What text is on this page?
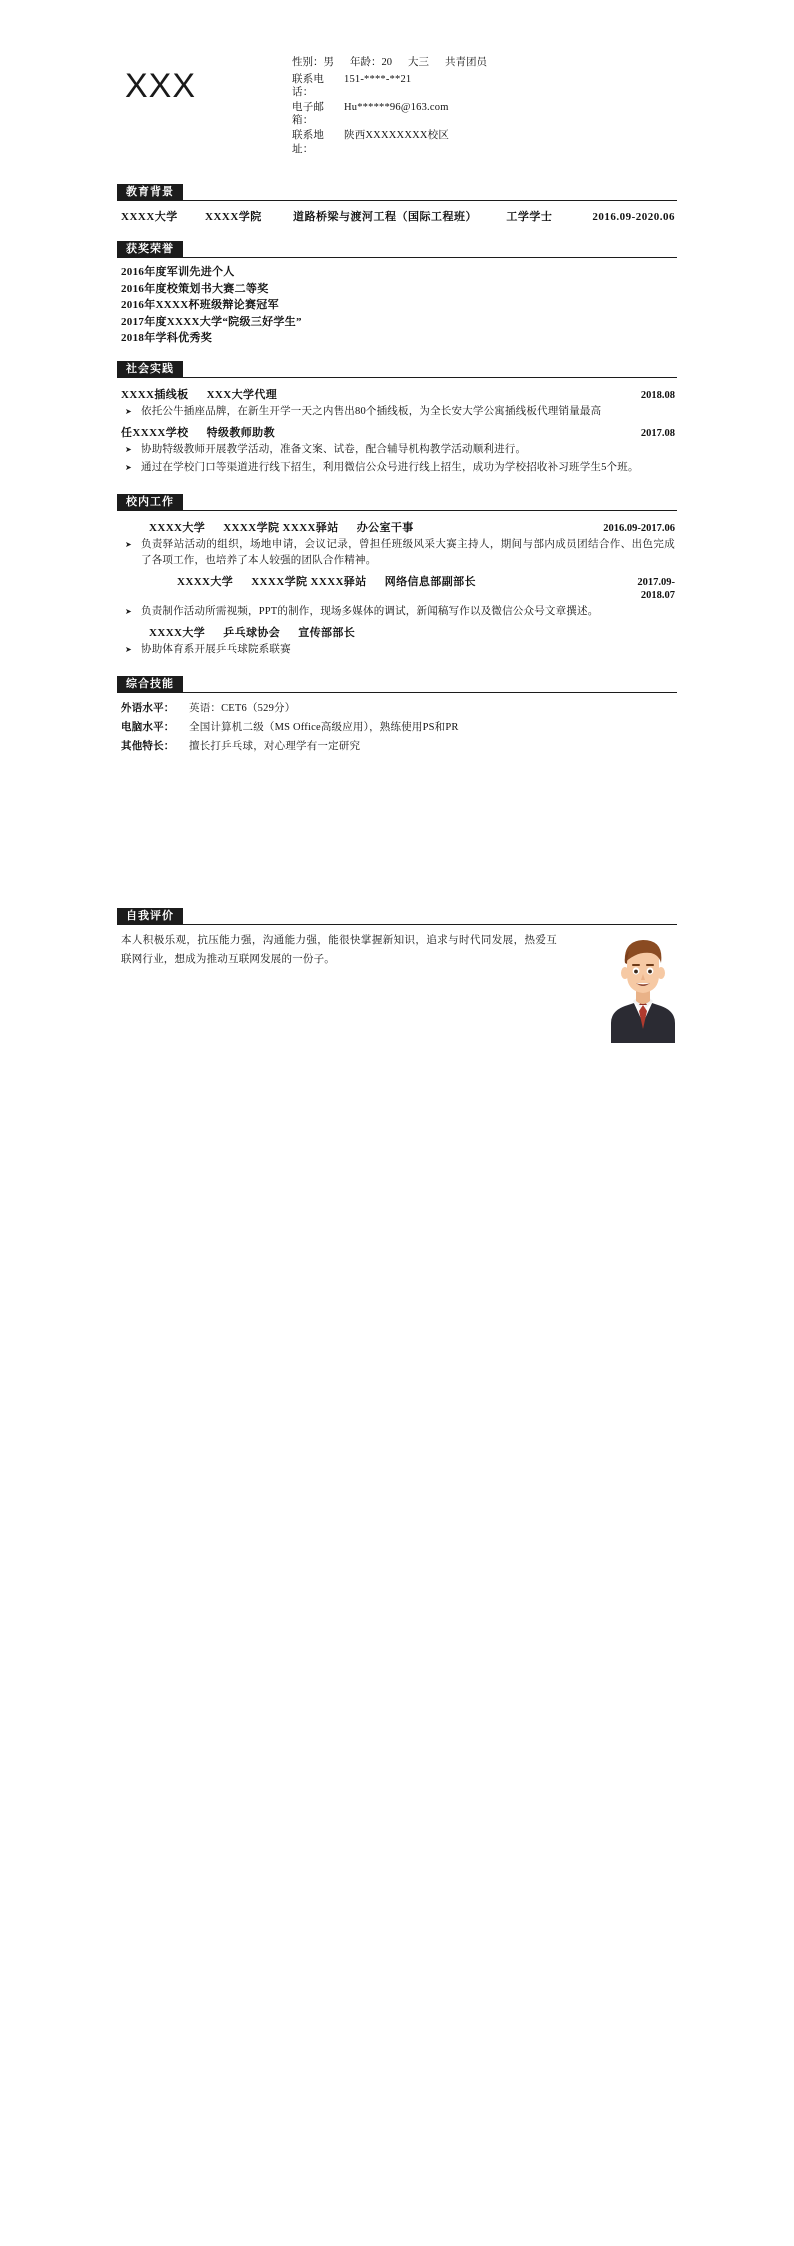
XXX
性别：男 年龄：20 大三 共青团员
联系电话：
151-****-**21
电子邮箱：
Hu******96@163.com
联系地址：
陕西XXXXXXXX校区
教育背景
XXXX大学	XXXX学院	道路桥梁与渡河工程（国际工程班）	工学学士	2016.09-2020.06
获奖荣誉
2016年度军训先进个人
2016年度校策划书大赛二等奖
2016年XXXX杯班级辩论赛冠军
2017年度XXXX大学“院级三好学生”
2018年学科优秀奖
社会实践
XXXX插线板 XXX大学代理	2018.08
➤ 依托公牛插座品牌，在新生开学一天之内售出80个插线板，为全长安大学公寓插线板代理销量最高
任XXXX学校 特级教师助教	2017.08
➤ 协助特级教师开展教学活动，准备文案、试卷，配合辅导机构教学活动顺利进行。
➤ 通过在学校门口等渠道进行线下招生，利用微信公众号进行线上招生，成功为学校招收补习班学生5个班。
校内工作
XXXX大学 XXXX学院 XXXX驿站 办公室干事	2016.09-2017.06
➤ 负责驿站活动的组织，场地申请，会议记录，曾担任班级风采大赛主持人，期间与部内成员团结合作、出色完成了各项工作，也培养了本人较强的团队合作精神。
XXXX大学 XXXX学院 XXXX驿站 网络信息部副部长	2017.09-
2018.07
➤ 负责制作活动所需视频，PPT的制作，现场多媒体的调试，新闻稿写作以及微信公众号文章撰述。
XXXX大学 乒乓球协会 宣传部部长
➤ 协助体育系开展乒乓球院系联赛
综合技能
外语水平：	英语：CET6（529分）
电脑水平：	全国计算机二级（MS Office高级应用），熟练使用PS和PR
其他特长：	擅长打乒乓球，对心理学有一定研究
自我评价
本人积极乐观，抗压能力强，沟通能力强，能很快掌握新知识，追求与时代同发展，热爱互联网行业，想成为推动互联网发展的一份子。
